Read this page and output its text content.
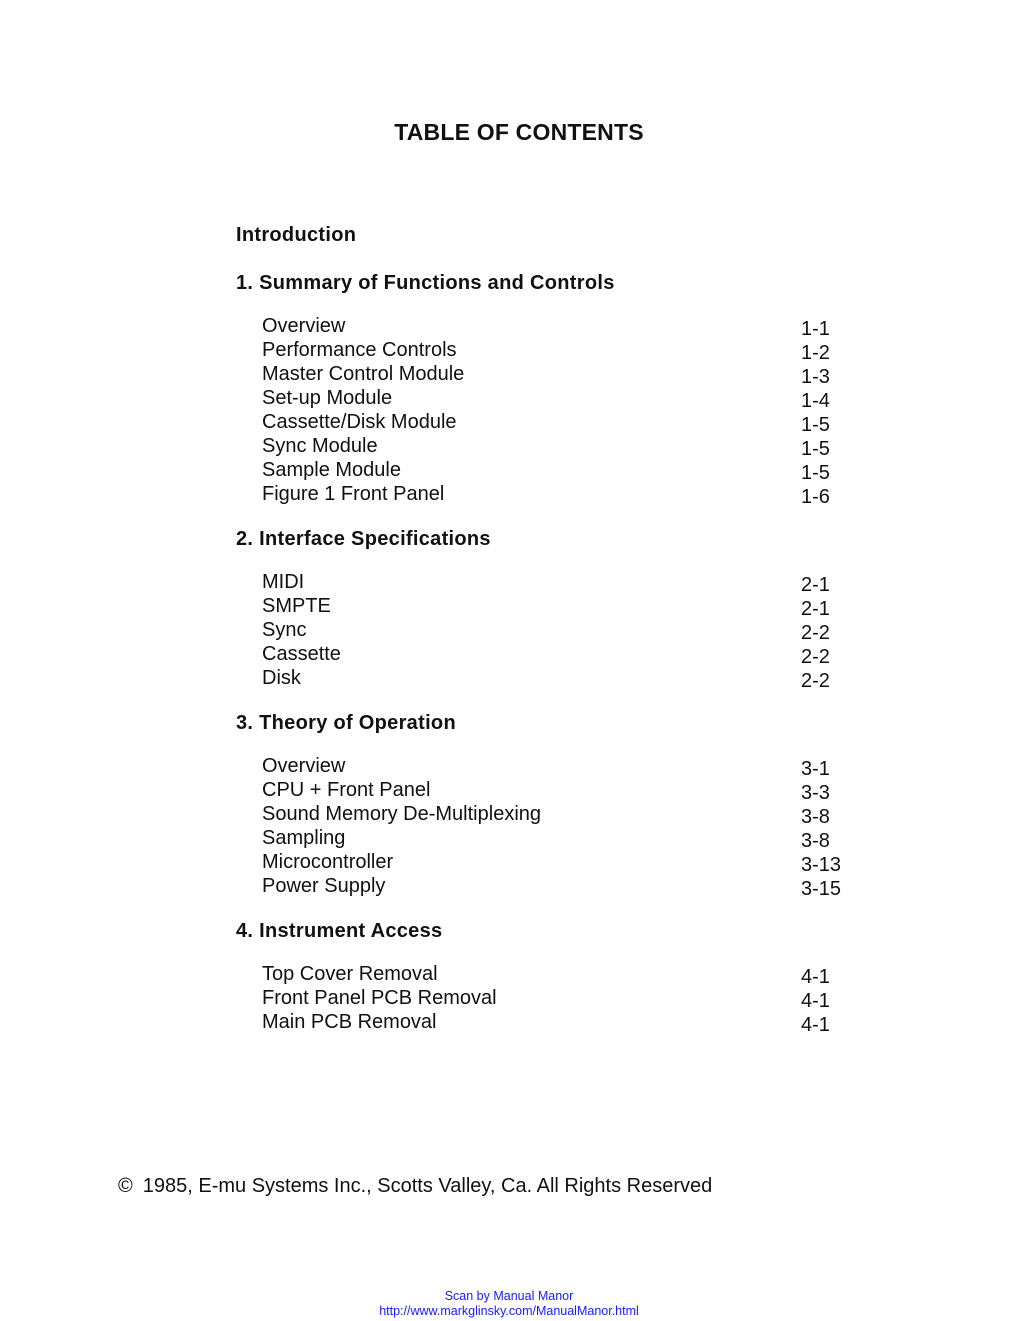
TABLE OF CONTENTS
Introduction
1. Summary of Functions and Controls
Overview	1-1
Performance Controls	1-2
Master Control Module	1-3
Set-up Module	1-4
Cassette/Disk Module	1-5
Sync Module	1-5
Sample Module	1-5
Figure 1 Front Panel	1-6
2. Interface Specifications
MIDI	2-1
SMPTE	2-1
Sync	2-2
Cassette	2-2
Disk	2-2
3. Theory of Operation
Overview	3-1
CPU + Front Panel	3-3
Sound Memory De-Multiplexing	3-8
Sampling	3-8
Microcontroller	3-13
Power Supply	3-15
4. Instrument Access
Top Cover Removal	4-1
Front Panel PCB Removal	4-1
Main PCB Removal	4-1
© 1985, E-mu Systems Inc., Scotts Valley, Ca. All Rights Reserved
Scan by Manual Manor
http://www.markglinsky.com/ManualManor.html
